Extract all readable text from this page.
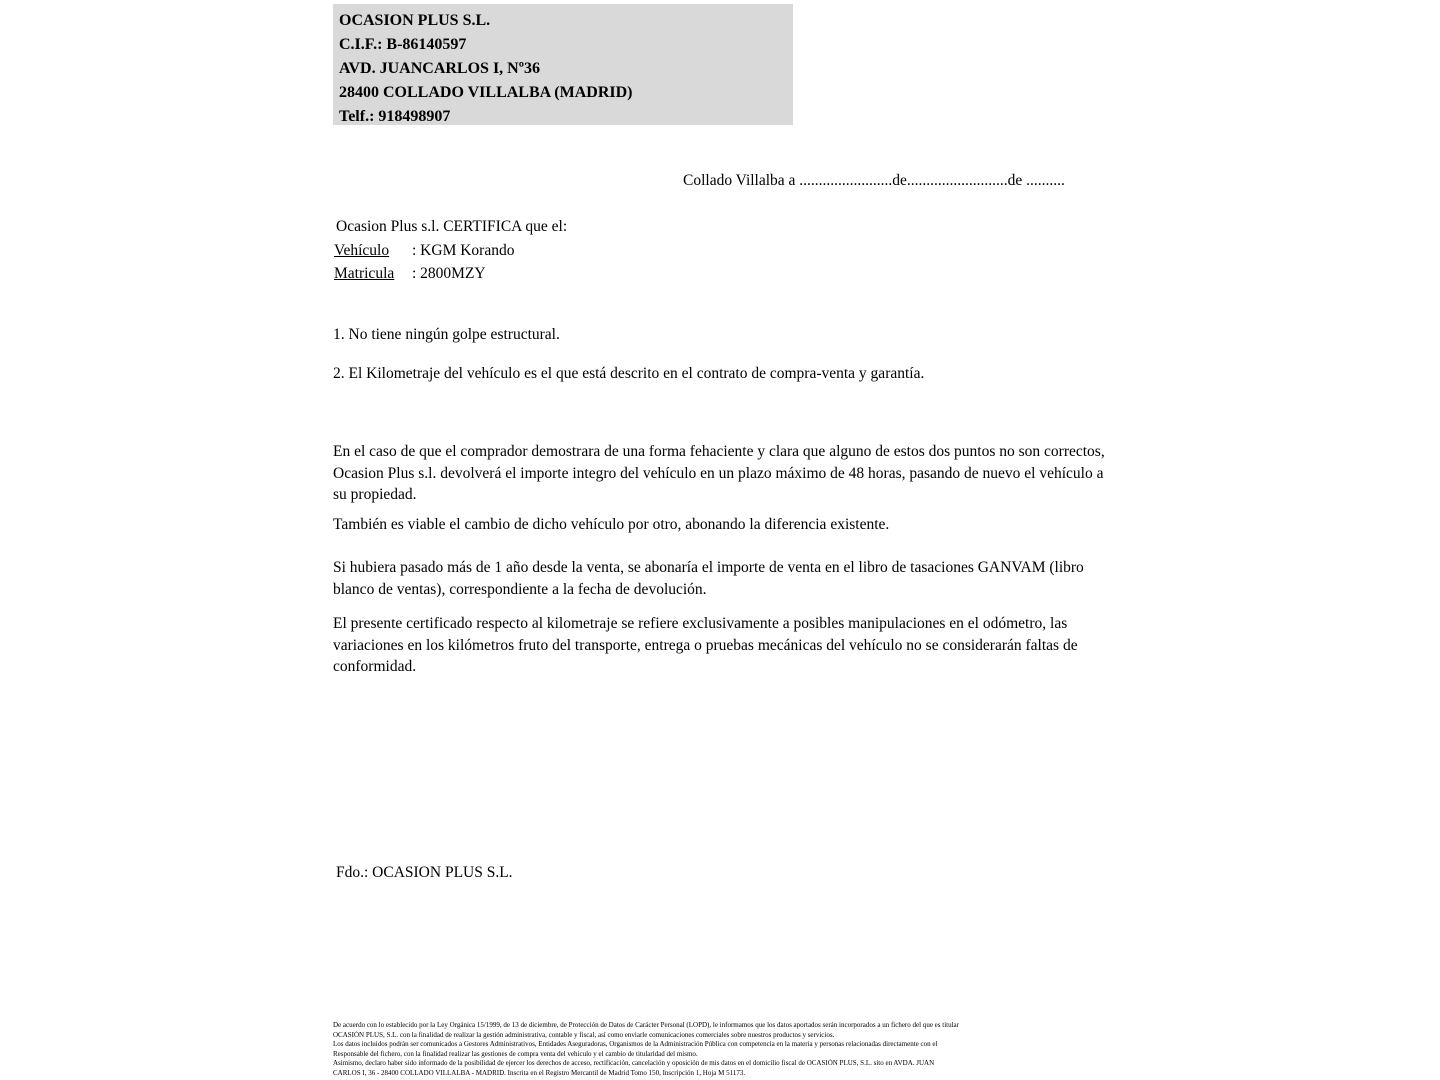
OCASION PLUS S.L.
C.I.F.: B-86140597
AVD. JUANCARLOS I, Nº36
28400 COLLADO VILLALBA (MADRID)
Telf.: 918498907
Collado Villalba a ........................de..........................de ..........
Ocasion Plus s.l. CERTIFICA que el:
Vehículo : KGM Korando
Matricula : 2800MZY
1. No tiene ningún golpe estructural.
2. El Kilometraje del vehículo es el que está descrito en el contrato de compra-venta y garantía.
En el caso de que el comprador demostrara de una forma fehaciente y clara que alguno de estos dos puntos no son correctos, Ocasion Plus s.l. devolverá el importe integro del vehículo en un plazo máximo de 48 horas, pasando de nuevo el vehículo a su propiedad.
También es viable el cambio de dicho vehículo por otro, abonando la diferencia existente.
Si hubiera pasado más de 1 año desde la venta, se abonaría el importe de venta en el libro de tasaciones GANVAM (libro blanco de ventas), correspondiente a la fecha de devolución.
El presente certificado respecto al kilometraje se refiere exclusivamente a posibles manipulaciones en el odómetro, las variaciones en los kilómetros fruto del transporte, entrega o pruebas mecánicas del vehículo no se considerarán faltas de conformidad.
Fdo.: OCASION PLUS S.L.
De acuerdo con lo establecido por la Ley Orgánica 15/1999, de 13 de diciembre, de Protección de Datos de Carácter Personal (LOPD), le informamos que los datos aportados serán incorporados a un fichero del que es titular
OCASIÓN PLUS, S.L. con la finalidad de realizar la gestión administrativa, contable y fiscal, así como enviarle comunicaciones comerciales sobre nuestros productos y servicios.
Los datos incluidos podrán ser comunicados a Gestores Administrativos, Entidades Aseguradoras, Organismos de la Administración Pública con competencia en la materia y personas relacionadas directamente con el
Responsable del fichero, con la finalidad realizar las gestiones de compra venta del vehículo y el cambio de titularidad del mismo.
Asimismo, declaro haber sido informado de la posibilidad de ejercer los derechos de acceso, rectificación, cancelación y oposición de mis datos en el domicilio fiscal de OCASIÓN PLUS, S.L. sito en AVDA. JUAN
CARLOS I, 36 - 28400 COLLADO VILLALBA - MADRID. Inscrita en el Registro Mercantil de Madrid Tomo 150, Inscripción 1, Hoja M 51173.
